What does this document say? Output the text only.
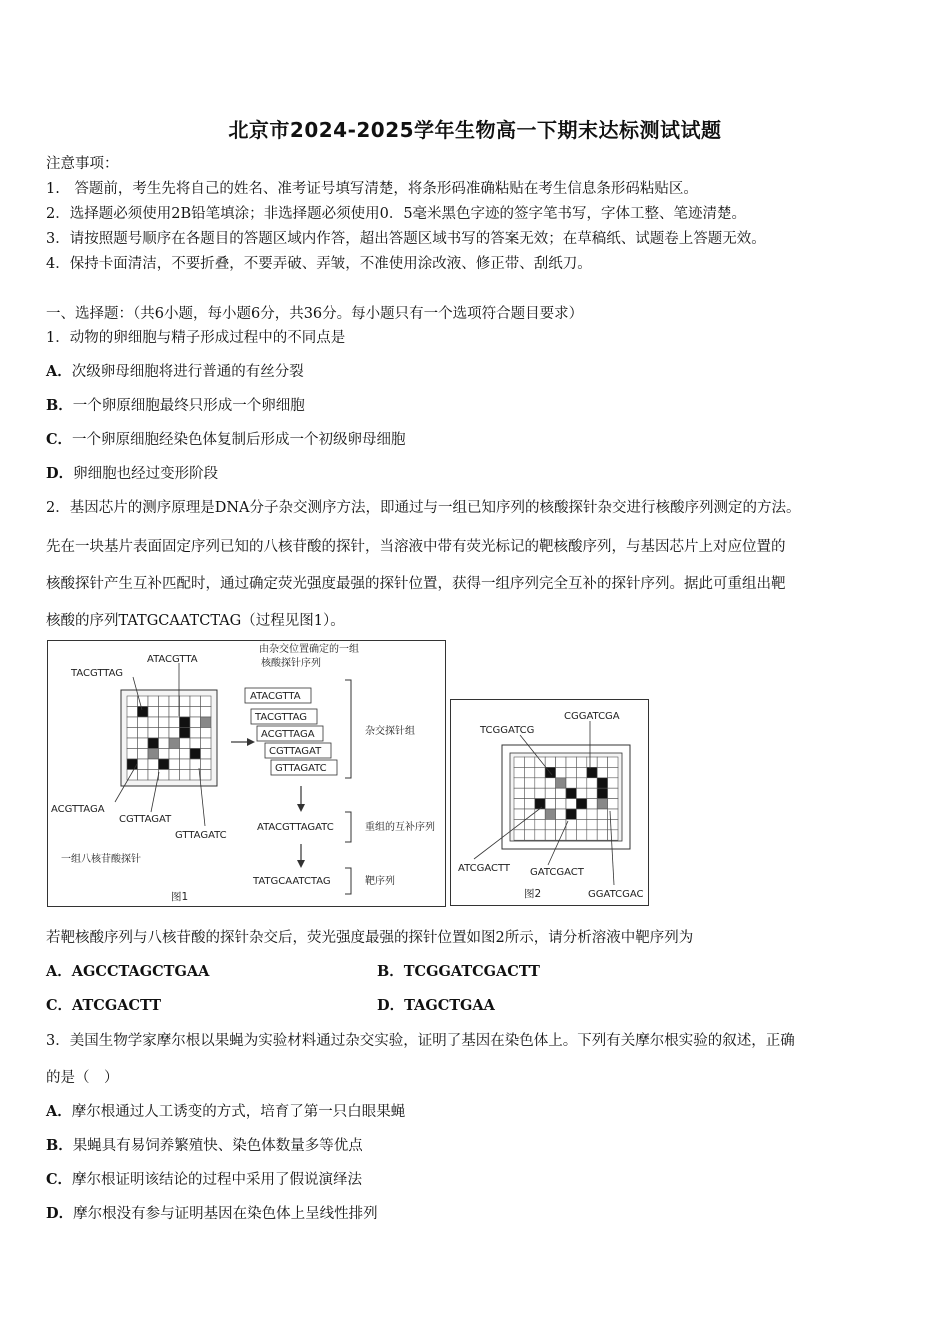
北京市2024-2025学年生物高一下期末达标测试试题
注意事项：
1.　答题前，考生先将自己的姓名、准考证号填写清楚，将条形码准确粘贴在考生信息条形码粘贴区。
2．选择题必须使用2B铅笔填涂；非选择题必须使用0．5毫米黑色字迹的签字笔书写，字体工整、笔迹清楚。
3．请按照题号顺序在各题目的答题区域内作答，超出答题区域书写的答案无效；在草稿纸、试题卷上答题无效。
4．保持卡面清洁，不要折叠，不要弄破、弄皱，不准使用涂改液、修正带、刮纸刀。
一、选择题：（共6小题，每小题6分，共36分。每小题只有一个选项符合题目要求）
1．动物的卵细胞与精子形成过程中的不同点是
A．次级卵母细胞将进行普通的有丝分裂
B．一个卵原细胞最终只形成一个卵细胞
C．一个卵原细胞经染色体复制后形成一个初级卵母细胞
D．卵细胞也经过变形阶段
2．基因芯片的测序原理是DNA分子杂交测序方法，即通过与一组已知序列的核酸探针杂交进行核酸序列测定的方法。
先在一块基片表面固定序列已知的八核苷酸的探针，当溶液中带有荧光标记的靶核酸序列，与基因芯片上对应位置的
核酸探针产生互补匹配时，通过确定荧光强度最强的探针位置，获得一组序列完全互补的探针序列。据此可重组出靶
核酸的序列TATGCAATCTAG（过程见图1）。
TACGTTAG
ATACGTTA
ACGTTAGA
CGTTAGAT
GTTAGATC
一组八核苷酸探针
由杂交位置确定的一组
核酸探针序列
ATACGTTA
TACGTTAG
ACGTTAGA
CGTTAGAT
GTTAGATC
杂交探针组
ATACGTTAGATC	重组的互补序列
TATGCAATCTAG	靶序列
图1
TCGGATCG
CGGATCGA
ATCGACTT GATCGACT
GGATCGAC
图2
若靶核酸序列与八核苷酸的探针杂交后，荧光强度最强的探针位置如图2所示，请分析溶液中靶序列为
A．AGCCTAGCTGAA	B．TCGGATCGACTT
C．ATCGACTT	D．TAGCTGAA
3．美国生物学家摩尔根以果蝇为实验材料通过杂交实验，证明了基因在染色体上。下列有关摩尔根实验的叙述，正确
的是（　）
A．摩尔根通过人工诱变的方式，培育了第一只白眼果蝇
B．果蝇具有易饲养繁殖快、染色体数量多等优点
C．摩尔根证明该结论的过程中采用了假说演绎法
D．摩尔根没有参与证明基因在染色体上呈线性排列
